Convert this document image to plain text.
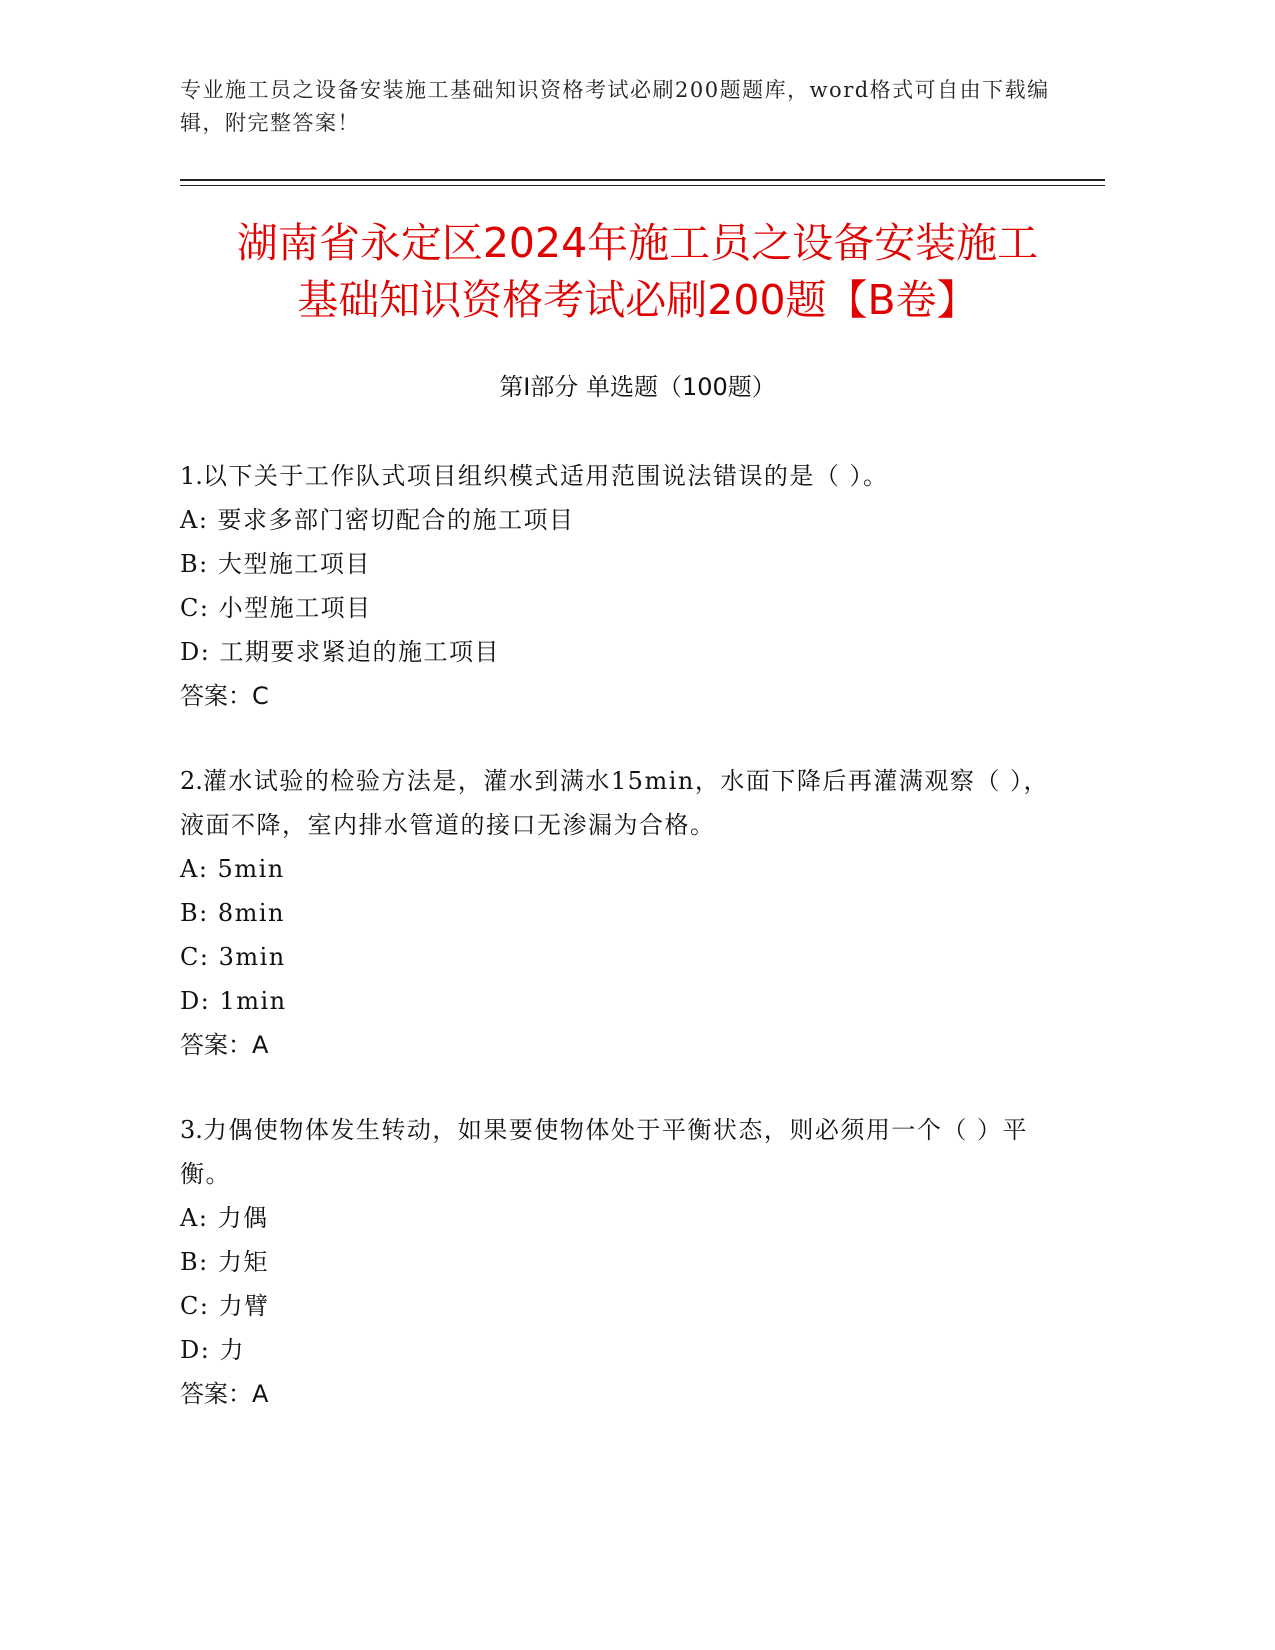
专业施工员之设备安装施工基础知识资格考试必刷200题题库，word格式可自由下载编辑，附完整答案！
湖南省永定区2024年施工员之设备安装施工
基础知识资格考试必刷200题【B卷】
第Ⅰ部分 单选题（100题）
1.以下关于工作队式项目组织模式适用范围说法错误的是（ ）。
A: 要求多部门密切配合的施工项目
B: 大型施工项目
C: 小型施工项目
D: 工期要求紧迫的施工项目
答案：C
2.灌水试验的检验方法是，灌水到满水15min，水面下降后再灌满观察（ ），液面不降，室内排水管道的接口无渗漏为合格。
A: 5min
B: 8min
C: 3min
D: 1min
答案：A
3.力偶使物体发生转动，如果要使物体处于平衡状态，则必须用一个（ ）平衡。
A: 力偶
B: 力矩
C: 力臂
D: 力
答案：A
